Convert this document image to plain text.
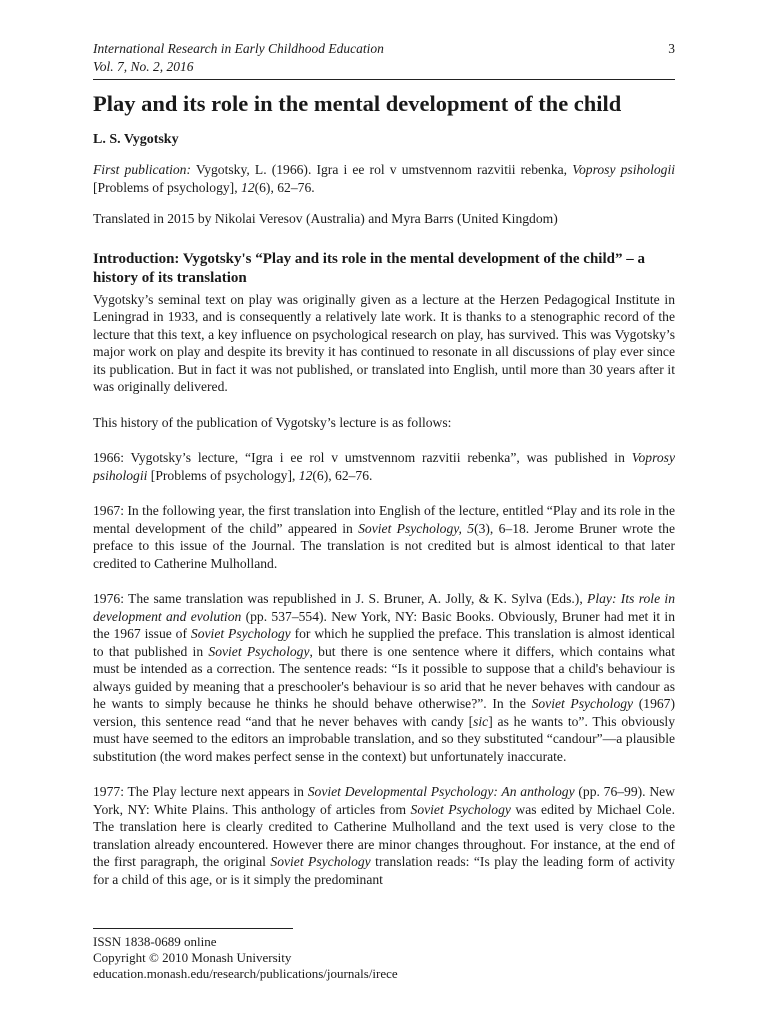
International Research in Early Childhood Education
Vol. 7, No. 2, 2016
3
Play and its role in the mental development of the child
L. S. Vygotsky

First publication: Vygotsky, L. (1966). Igra i ee rol v umstvennom razvitii rebenka, Voprosy psihologii [Problems of psychology], 12(6), 62–76.

Translated in 2015 by Nikolai Veresov (Australia) and Myra Barrs (United Kingdom)

Introduction: Vygotsky's “Play and its role in the mental development of the child” – a history of its translation

Vygotsky’s seminal text on play was originally given as a lecture at the Herzen Pedagogical Institute in Leningrad in 1933, and is consequently a relatively late work. It is thanks to a stenographic record of the lecture that this text, a key influence on psychological research on play, has survived. This was Vygotsky’s major work on play and despite its brevity it has continued to resonate in all discussions of play ever since its publication. But in fact it was not published, or translated into English, until more than 30 years after it was originally delivered.

This history of the publication of Vygotsky’s lecture is as follows:

1966: Vygotsky’s lecture, “Igra i ee rol v umstvennom razvitii rebenka”, was published in Voprosy psihologii [Problems of psychology], 12(6), 62–76.

1967: In the following year, the first translation into English of the lecture, entitled “Play and its role in the mental development of the child” appeared in Soviet Psychology, 5(3), 6–18. Jerome Bruner wrote the preface to this issue of the Journal. The translation is not credited but is almost identical to that later credited to Catherine Mulholland.

1976: The same translation was republished in J. S. Bruner, A. Jolly, & K. Sylva (Eds.), Play: Its role in development and evolution (pp. 537–554). New York, NY: Basic Books. Obviously, Bruner had met it in the 1967 issue of Soviet Psychology for which he supplied the preface. This translation is almost identical to that published in Soviet Psychology, but there is one sentence where it differs, which contains what must be intended as a correction. The sentence reads: “Is it possible to suppose that a child's behaviour is always guided by meaning that a preschooler's behaviour is so arid that he never behaves with candour as he wants to simply because he thinks he should behave otherwise?”. In the Soviet Psychology (1967) version, this sentence read “and that he never behaves with candy [sic] as he wants to”. This obviously must have seemed to the editors an improbable translation, and so they substituted “candour”—a plausible substitution (the word makes perfect sense in the context) but unfortunately inaccurate.

1977: The Play lecture next appears in Soviet Developmental Psychology: An anthology (pp. 76–99). New York, NY: White Plains. This anthology of articles from Soviet Psychology was edited by Michael Cole. The translation here is clearly credited to Catherine Mulholland and the text used is very close to the translation already encountered. However there are minor changes throughout. For instance, at the end of the first paragraph, the original Soviet Psychology translation reads: “Is play the leading form of activity for a child of this age, or is it simply the predominant

ISSN 1838-0689 online
Copyright © 2010 Monash University
education.monash.edu/research/publications/journals/irece
